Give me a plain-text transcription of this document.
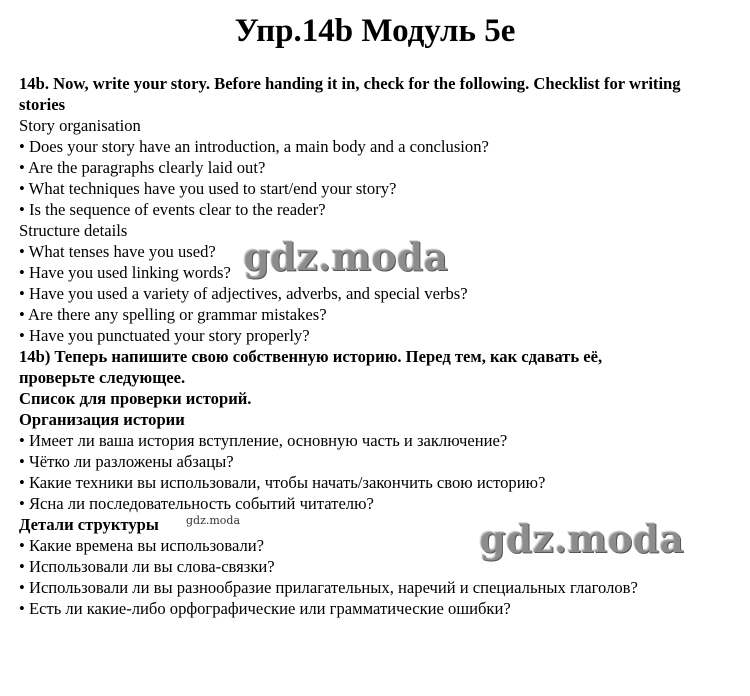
Упр.14b Модуль 5e
14b. Now, write your story. Before handing it in, check for the following. Checklist for writing stories
Story organisation
• Does your story have an introduction, a main body and a conclusion?
• Are the paragraphs clearly laid out?
• What techniques have you used to start/end your story?
• Is the sequence of events clear to the reader?
Structure details
• What tenses have you used?
• Have you used linking words?
• Have you used a variety of adjectives, adverbs, and special verbs?
• Are there any spelling or grammar mistakes?
• Have you punctuated your story properly?
14b) Теперь напишите свою собственную историю. Перед тем, как сдавать её,
проверьте следующее.
Список для проверки историй.
Организация истории
• Имеет ли ваша история вступление, основную часть и заключение?
• Чётко ли разложены абзацы?
• Какие техники вы использовали, чтобы начать/закончить свою историю?
• Ясна ли последовательность событий читателю?
Детали структуры
• Какие времена вы использовали?
• Использовали ли вы слова-связки?
• Использовали ли вы разнообразие прилагательных, наречий и специальных глаголов?
• Есть ли какие-либо орфографические или грамматические ошибки?
gdz.moda
gdz.moda
gdz.moda
